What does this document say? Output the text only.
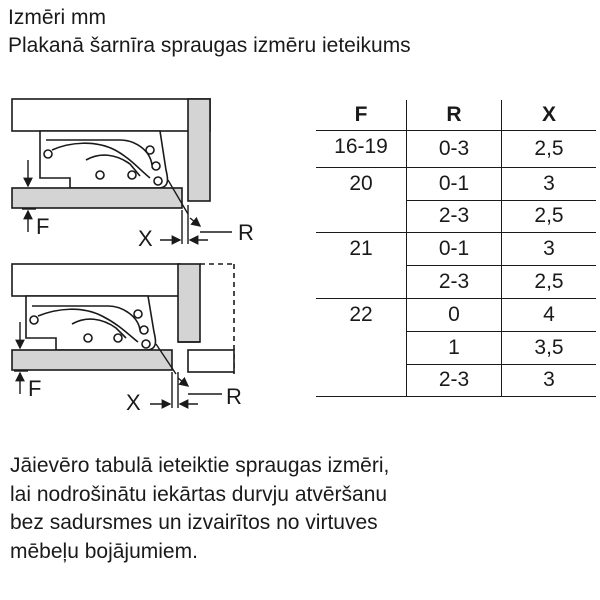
Izmēri mm
Plakanā šarnīra spraugas izmēru ieteikums
F	X	R
F
X	R
F	R	X
16-19	0-3	2,5
20	0-1	3
	2-3	2,5
21	0-1	3
	2-3	2,5
22	0	4
	1	3,5
	2-3	3
Jāievēro tabulā ieteiktie spraugas izmēri,
lai nodrošinātu iekārtas durvju atvēršanu
bez sadursmes un izvairītos no virtuves
mēbeļu bojājumiem.
